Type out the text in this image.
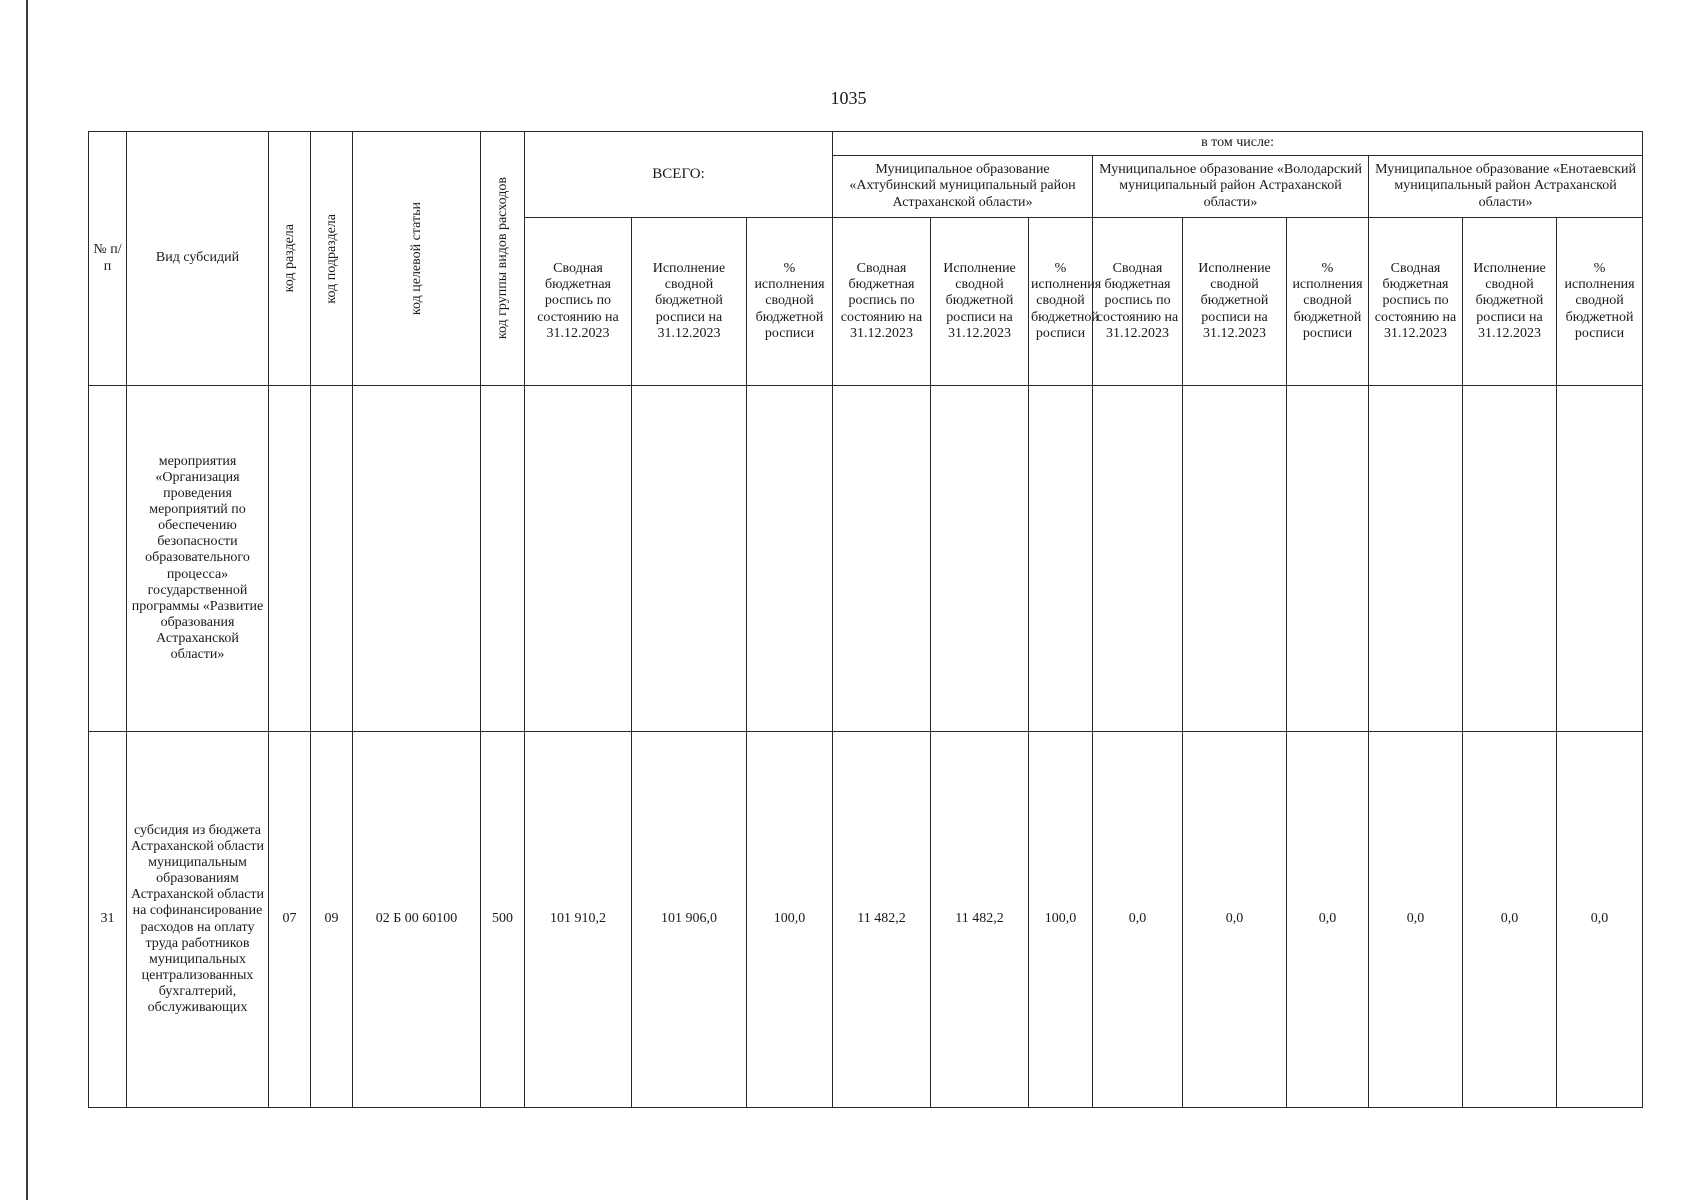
1035
№ п/п	Вид субсидий	код раздела	код подраздела	код целевой статьи	код группы видов расходов	ВСЕГО:			в том числе:								
									Муниципальное образование «Ахтубинский муниципальный район Астраханской области»			Муниципальное образование «Володарский муниципальный район Астраханской области»			Муниципальное образование «Енотаевский муниципальный район Астраханской области»		
						Сводная бюджетная роспись по состоянию на 31.12.2023	Исполнение сводной бюджетной росписи на 31.12.2023	% исполнения сводной бюджетной росписи	Сводная бюджетная роспись по состоянию на 31.12.2023	Исполнение сводной бюджетной росписи на 31.12.2023	% исполнения сводной бюджетной росписи	Сводная бюджетная роспись по состоянию на 31.12.2023	Исполнение сводной бюджетной росписи на 31.12.2023	% исполнения сводной бюджетной росписи	Сводная бюджетная роспись по состоянию на 31.12.2023	Исполнение сводной бюджетной росписи на 31.12.2023	% исполнения сводной бюджетной росписи
	мероприятия «Организация проведения мероприятий по обеспечению безопасности образовательного процесса» государственной программы «Развитие образования Астраханской области»																
31	субсидия из бюджета Астраханской области муниципальным образованиям Астраханской области на софинансирование расходов на оплату труда работников муниципальных централизованных бухгалтерий, обслуживающих	07	09	02 Б 00 60100	500	101 910,2	101 906,0	100,0	11 482,2	11 482,2	100,0	0,0	0,0	0,0	0,0	0,0	0,0
